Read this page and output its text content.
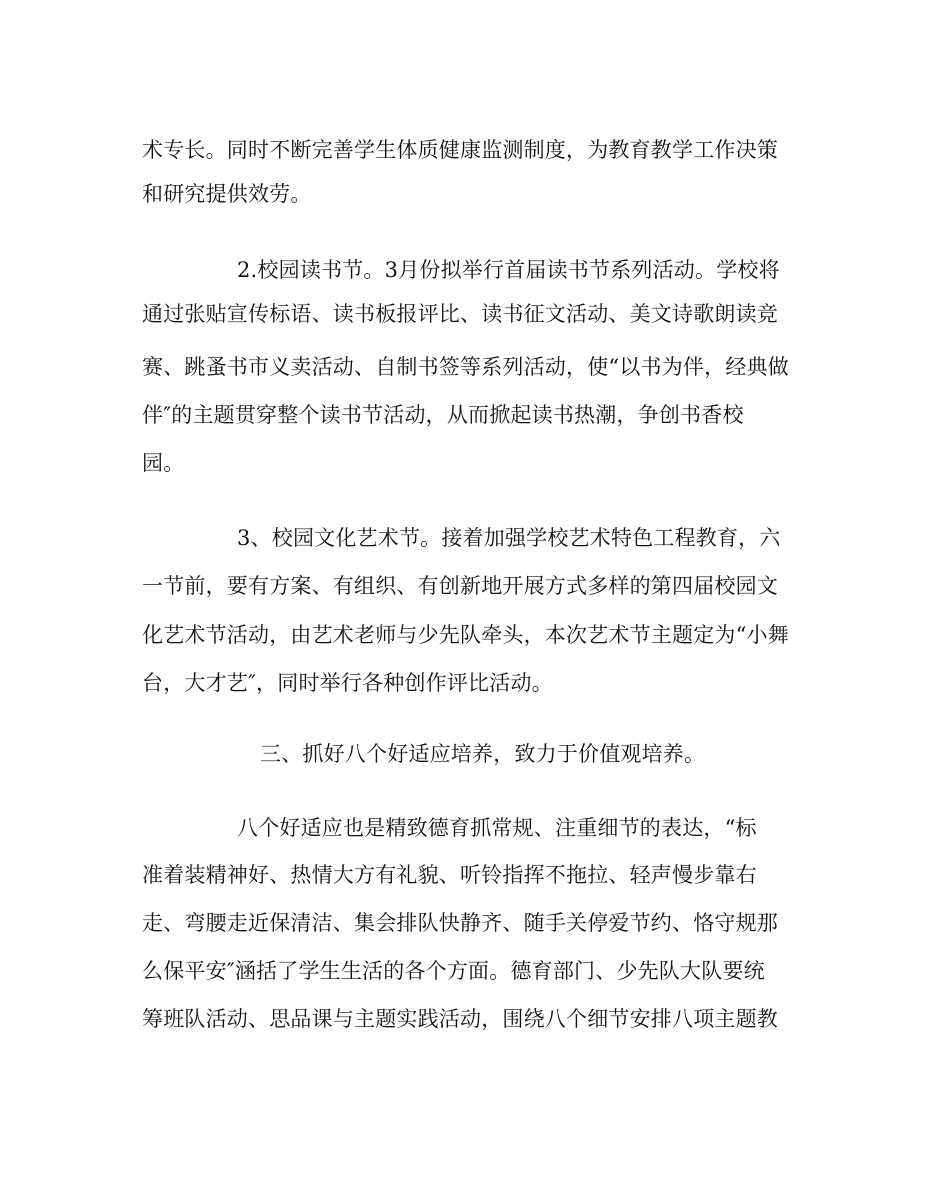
术专长。同时不断完善学生体质健康监测制度，为教育教学工作决策
和研究提供效劳。
2.校园读书节。3月份拟举行首届读书节系列活动。学校将
通过张贴宣传标语、读书板报评比、读书征文活动、美文诗歌朗读竞
赛、跳蚤书市义卖活动、自制书签等系列活动，使“以书为伴，经典做
伴″的主题贯穿整个读书节活动，从而掀起读书热潮，争创书香校
园。
3、校园文化艺术节。接着加强学校艺术特色工程教育，六
一节前，要有方案、有组织、有创新地开展方式多样的第四届校园文
化艺术节活动，由艺术老师与少先队牵头，本次艺术节主题定为“小舞
台，大才艺″，同时举行各种创作评比活动。
三、抓好八个好适应培养，致力于价值观培养。
八个好适应也是精致德育抓常规、注重细节的表达，“标
准着装精神好、热情大方有礼貌、听铃指挥不拖拉、轻声慢步靠右
走、弯腰走近保清洁、集会排队快静齐、随手关停爱节约、恪守规那
么保平安″涵括了学生生活的各个方面。德育部门、少先队大队要统
筹班队活动、思品课与主题实践活动，围绕八个细节安排八项主题教
